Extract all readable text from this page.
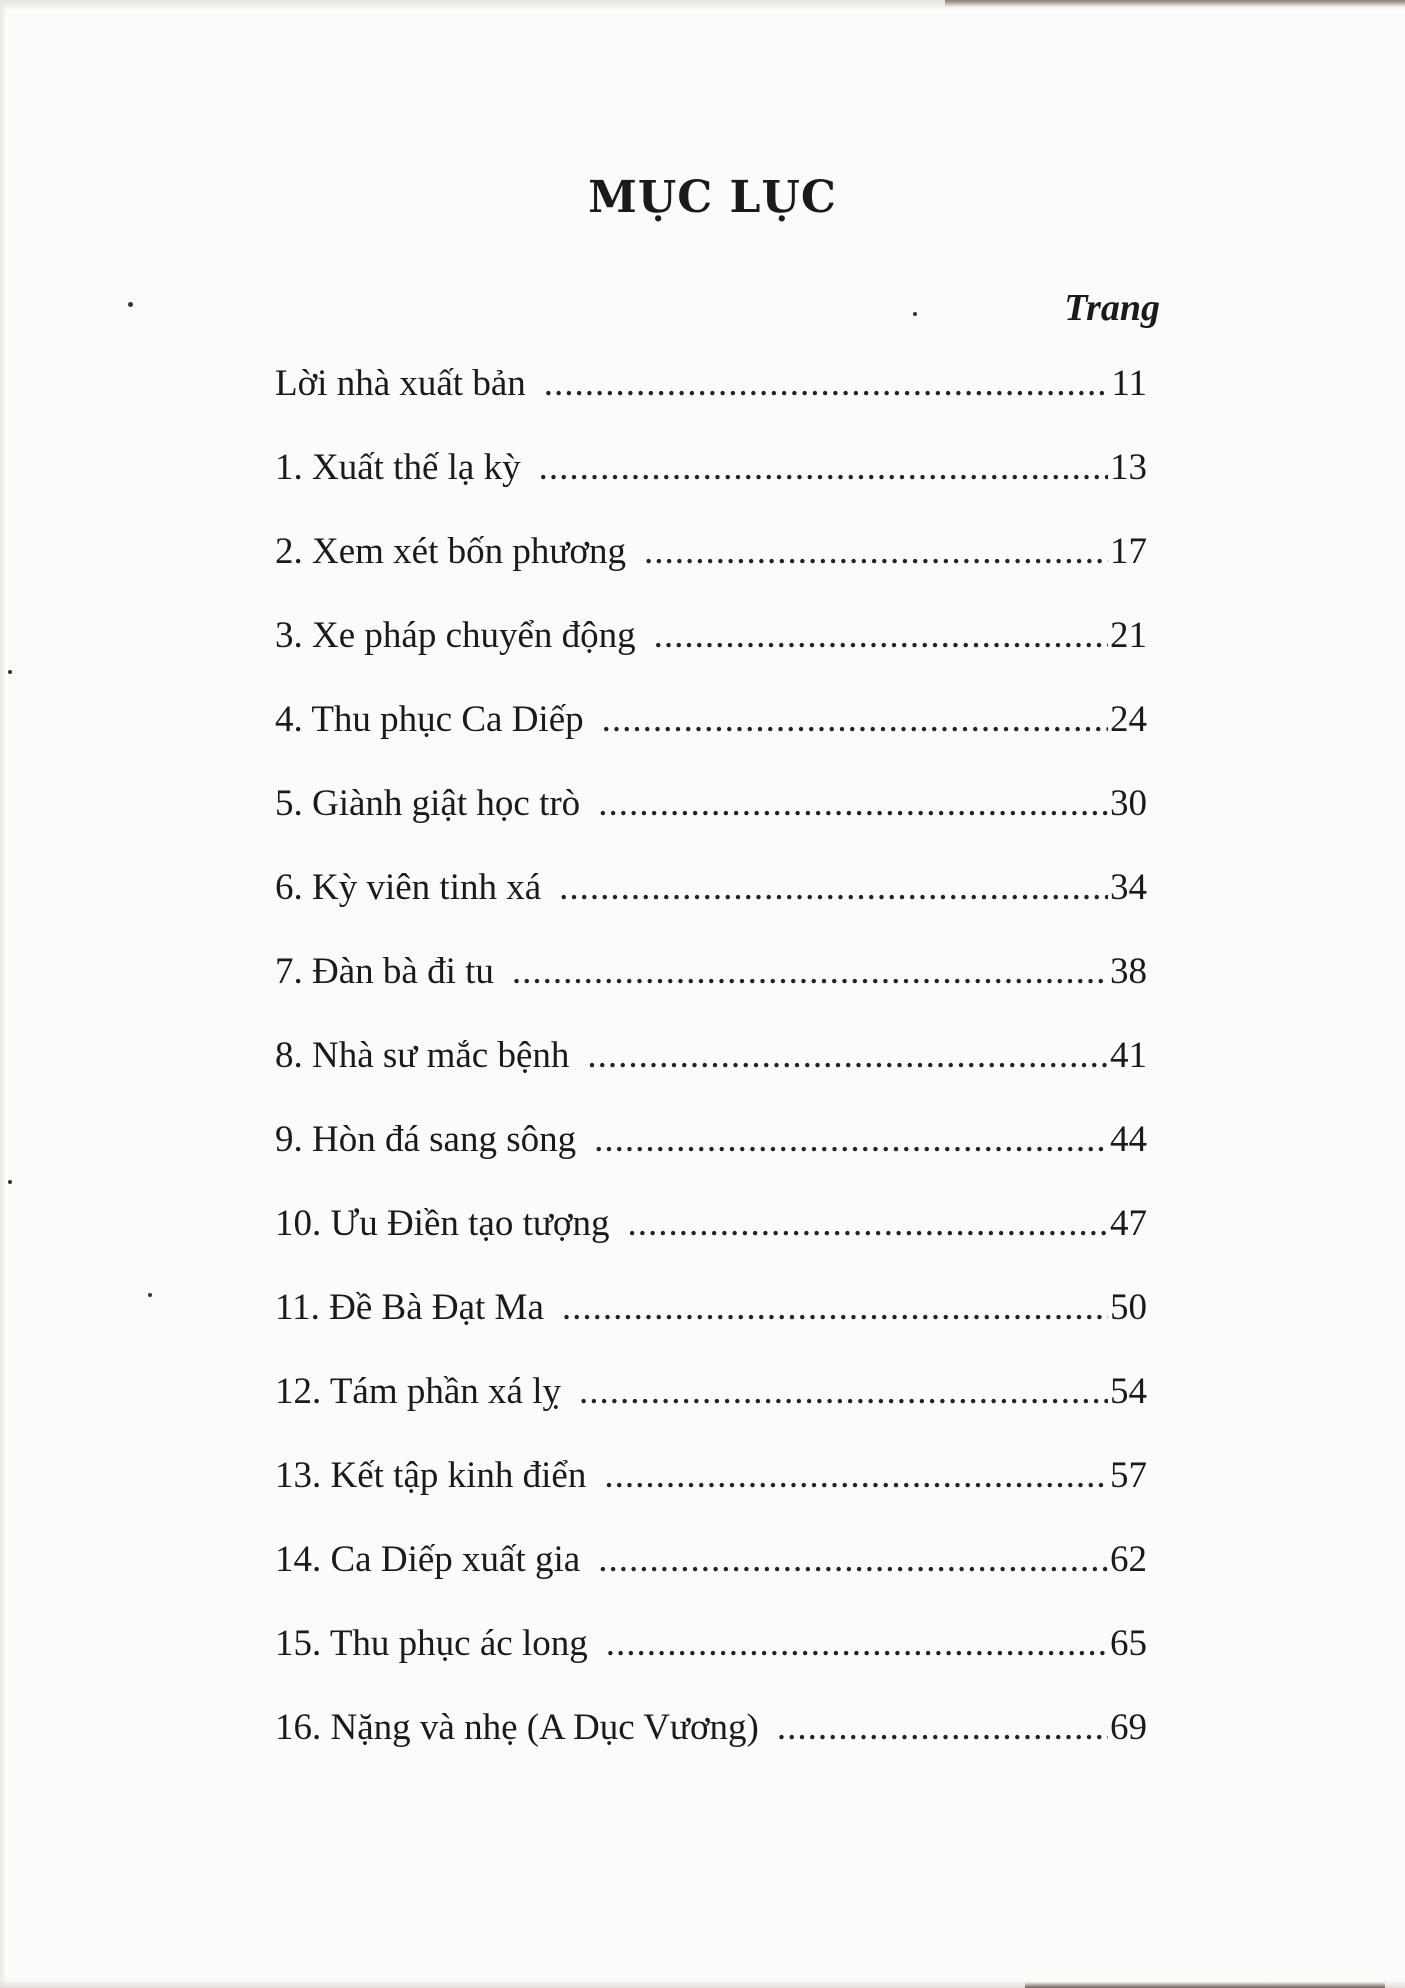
MỤC LỤC
Trang
Lời nhà xuất bản .....	11
1. Xuất thế lạ kỳ .....	13
2. Xem xét bốn phương .....	17
3. Xe pháp chuyển động .....	21
4. Thu phục Ca Diếp .....	24
5. Giành giật học trò .....	30
6. Kỳ viên tinh xá .....	34
7. Đàn bà đi tu .....	38
8. Nhà sư mắc bệnh .....	41
9. Hòn đá sang sông .....	44
10. Ưu Điền tạo tượng .....	47
11. Đề Bà Đạt Ma .....	50
12. Tám phần xá lỵ .....	54
13. Kết tập kinh điển .....	57
14. Ca Diếp xuất gia .....	62
15. Thu phục ác long .....	65
16. Nặng và nhẹ (A Dục Vương) .....	69
